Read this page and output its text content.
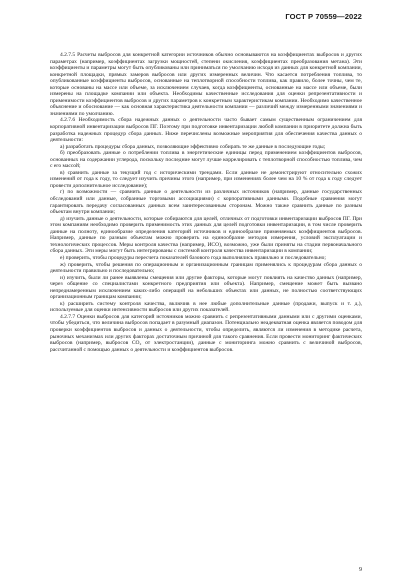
ГОСТ Р 70559—2022

4.2.7.5 Расчеты выбросов для конкретной категории источников обычно основываются на коэффициентах выбросов и других параметрах (например, коэффициентах загрузки мощностей, степени окисления, коэффициентах преобразования метана). Эти коэффициенты и параметры могут быть опубликованы или приниматься по умолчанию исходя из данных для конкретной компании, конкретной площадки, прямых замеров выбросов или других измеренных величин. Что касается потребления топлива, то опубликованные коэффициенты выбросов, основанные на теплотворной способности топлива, как правило, более точны, чем те, которые основаны на массе или объеме, за исключением случаев, когда коэффициенты, основанные на массе или объеме, были измерены на площадке компании или объекта. Необходимы качественные исследования для оценки репрезентативности и применимости коэффициентов выбросов и других параметров к конкретным характеристикам компании. Необходимо качественное объяснение и обоснование — как основная характеристика деятельности компании — различий между измеренными значениями и значениями по умолчанию.

4.2.7.6 Необходимость сбора надежных данных о деятельности часто бывает самым существенным ограничением для корпоративной инвентаризации выбросов ПГ. Поэтому при подготовке инвентаризации любой компании в приоритете должна быть разработка надежных процедур сбора данных. Ниже перечислены возможные мероприятия для обеспечения качества данных о деятельности:

а) разработать процедуры сбора данных, позволяющие эффективно собирать те же данные в последующие годы;

б) преобразовать данные о потреблении топлива в энергетические единицы перед применением коэффициентов выбросов, основанных на содержании углерода, поскольку последние могут лучше коррелировать с теплотворной способностью топлива, чем с его массой;

в) сравнить данные за текущий год с историческими трендами. Если данные не демонстрируют относительно схожих изменений от года к году, то следует изучить причины этого (например, при изменениях более чем на 10 % от года к году следует провести дополнительное исследование);

г) по возможности — сравнить данные о деятельности из различных источников (например, данные государственных обследований или данные, собранные торговыми ассоциациями) с корпоративными данными. Подобные сравнения могут гарантировать передачу согласованных данных всем заинтересованным сторонам. Можно также сравнить данные по разным объектам внутри компании;

д) изучить данные о деятельности, которые собираются для целей, отличных от подготовки инвентаризации выбросов ПГ. При этом компаниям необходимо проверить применимость этих данных для целей подготовки инвентаризации, в том числе проверить данные на полноту, единообразие определения категорий источников и единообразие применяемых коэффициентов выбросов. Например, данные по разным объектам можно проверить на единообразие методов измерения, условий эксплуатации и технологических процессов. Меры контроля качества (например, ИСО), возможно, уже были приняты на стадии первоначального сбора данных. Эти меры могут быть интегрированы с системой контроля качества инвентаризации в компании;

е) проверить, чтобы процедуры пересчета показателей базового года выполнялись правильно и последовательно;

ж) проверить, чтобы решения по операционным и организационным границам применялись к процедурам сбора данных о деятельности правильно и последовательно;

и) изучить, были ли ранее выявлены смещения или другие факторы, которые могут повлиять на качество данных (например, через общение со специалистами конкретного предприятия или объекта). Например, смещение может быть вызвано непреднамеренным исключением каких-либо операций на небольших объектах или данных, не полностью соответствующих организационным границам компании;

к) расширить систему контроля качества, включив в нее любые дополнительные данные (продажи, выпуск и т. д.), используемые для оценки интенсивности выбросов или других показателей.

4.2.7.7 Оценки выбросов для категорий источников можно сравнить с репрезентативными данными или с другими оценками, чтобы убедиться, что величина выбросов попадает в разумный диапазон. Потенциально неадекватная оценка является поводом для проверки коэффициентов выбросов и данных о деятельности, чтобы определить, являются ли изменения в методике расчета, рыночных механизмах или других факторах достаточным причиной для такого сравнения. Если провести мониторинг фактических выбросов (например, выбросов CO₂ от электростанции), данные с мониторинга можно сравнить с величиной выбросов, рассчитанной с помощью данных о деятельности и коэффициентов выбросов.

9
